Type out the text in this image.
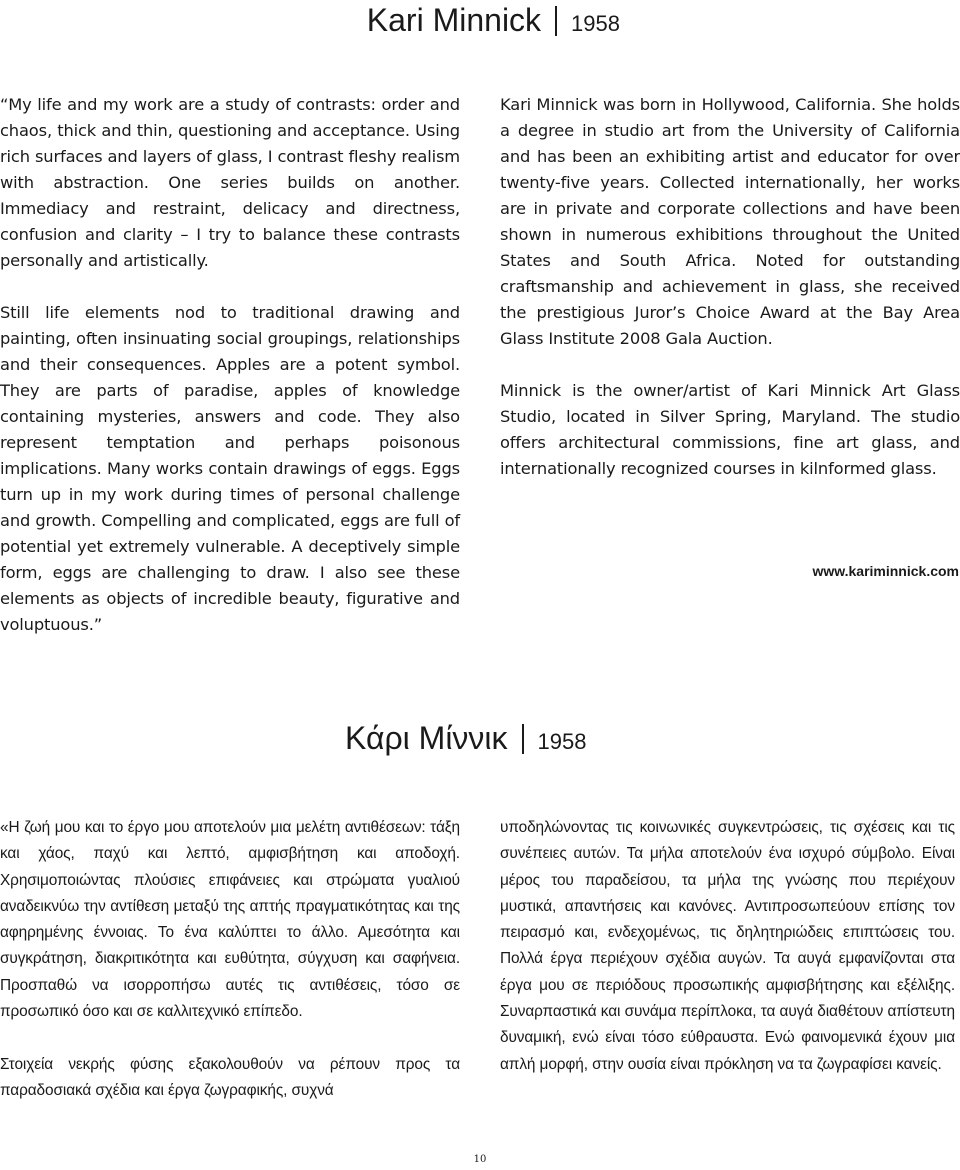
Kari Minnick 1958

“My life and my work are a study of contrasts: order and chaos, thick and thin, questioning and acceptance. Using rich surfaces and layers of glass, I contrast fleshy realism with abstraction. One series builds on another. Immediacy and restraint, delicacy and directness, confusion and clarity – I try to balance these contrasts personally and artistically.

Still life elements nod to traditional drawing and painting, often insinuating social groupings, relationships and their consequences. Apples are a potent symbol. They are parts of paradise, apples of knowledge containing mysteries, answers and code. They also represent temptation and perhaps poisonous implications. Many works contain drawings of eggs. Eggs turn up in my work during times of personal challenge and growth. Compelling and complicated, eggs are full of potential yet extremely vulnerable. A deceptively simple form, eggs are challenging to draw. I also see these elements as objects of incredible beauty, figurative and voluptuous.”

Kari Minnick was born in Hollywood, California. She holds a degree in studio art from the University of California and has been an exhibiting artist and educator for over twenty-five years. Collected internationally, her works are in private and corporate collections and have been shown in numerous exhibitions throughout the United States and South Africa. Noted for outstanding craftsmanship and achievement in glass, she received the prestigious Juror’s Choice Award at the Bay Area Glass Institute 2008 Gala Auction.

Minnick is the owner/artist of Kari Minnick Art Glass Studio, located in Silver Spring, Maryland. The studio offers architectural commissions, fine art glass, and internationally recognized courses in kilnformed glass.

www.kariminnick.com
Κάρι Μίννικ 1958

«Η ζωή μου και το έργο μου αποτελούν μια μελέτη αντιθέσεων: τάξη και χάος, παχύ και λεπτό, αμφισβήτηση και αποδοχή. Χρησιμοποιώντας πλούσιες επιφάνειες και στρώματα γυαλιού αναδεικνύω την αντίθεση μεταξύ της απτής πραγματικότητας και της αφηρημένης έννοιας. Το ένα καλύπτει το άλλο. Αμεσότητα και συγκράτηση, διακριτικότητα και ευθύτητα, σύγχυση και σαφήνεια. Προσπαθώ να ισορροπήσω αυτές τις αντιθέσεις, τόσο σε προσωπικό όσο και σε καλλιτεχνικό επίπεδο.

Στοιχεία νεκρής φύσης εξακολουθούν να ρέπουν προς τα παραδοσιακά σχέδια και έργα ζωγραφικής, συχνά

υποδηλώνοντας τις κοινωνικές συγκεντρώσεις, τις σχέσεις και τις συνέπειες αυτών. Τα μήλα αποτελούν ένα ισχυρό σύμβολο. Είναι μέρος του παραδείσου, τα μήλα της γνώσης που περιέχουν μυστικά, απαντήσεις και κανόνες. Αντιπροσωπεύουν επίσης τον πειρασμό και, ενδεχομένως, τις δηλητηριώδεις επιπτώσεις του. Πολλά έργα περιέχουν σχέδια αυγών. Τα αυγά εμφανίζονται στα έργα μου σε περιόδους προσωπικής αμφισβήτησης και εξέλιξης. Συναρπαστικά και συνάμα περίπλοκα, τα αυγά διαθέτουν απίστευτη δυναμική, ενώ είναι τόσο εύθραυστα. Ενώ φαινομενικά έχουν μια απλή μορφή, στην ουσία είναι πρόκληση να τα ζωγραφίσει κανείς.

10
